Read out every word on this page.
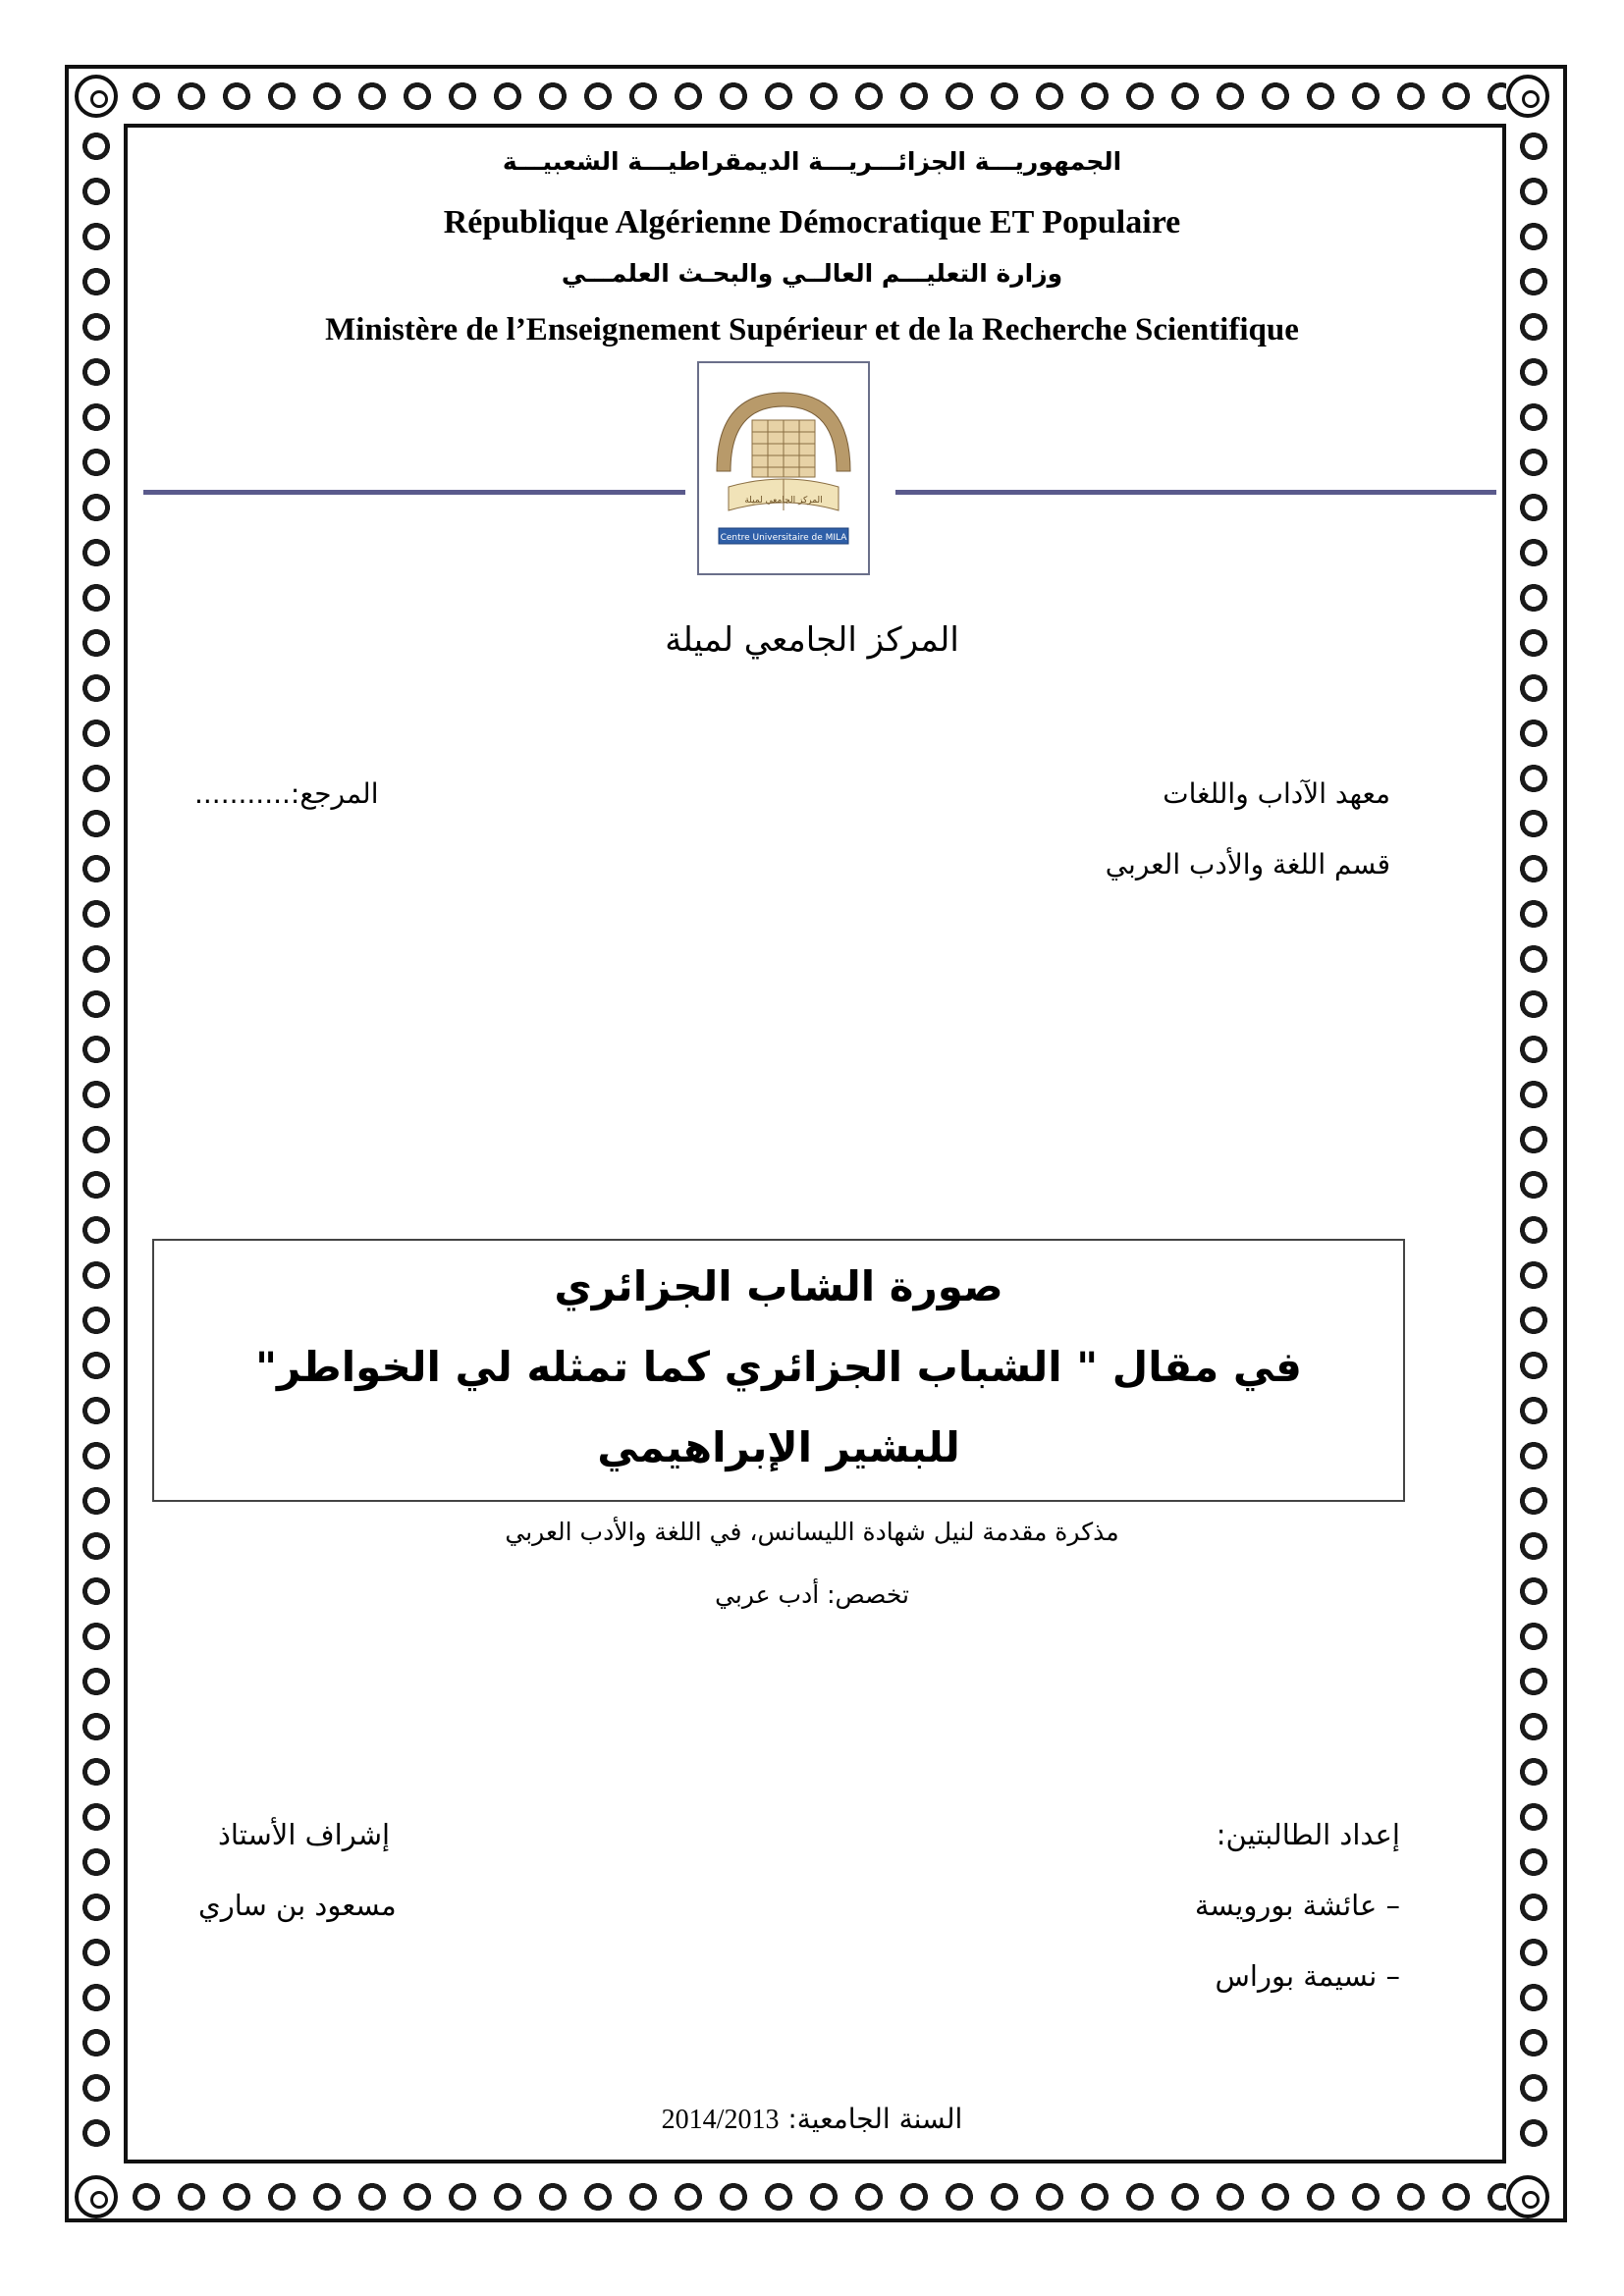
الجمهوريـــة الجزائـــريـــة الديمقراطيـــة الشعبيـــة

République Algérienne Démocratique ET Populaire

وزارة التعليـــم العالــي والبحـث العلمـــي

Ministère de l’Enseignement Supérieur et de la Recherche Scientifique

المركز الجامعي لميلة
Centre Universitaire de MILA

المركز الجامعي لميلة

معهد الآداب واللغات

المرجع:...........

قسم اللغة والأدب العربي

صورة الشاب الجزائري

في مقال " الشباب الجزائري كما تمثله لي الخواطر"

للبشير الإبراهيمي

مذكرة مقدمة لنيل شهادة الليسانس، في اللغة والأدب العربي

تخصص: أدب عربي

إعداد الطالبتين:

– عائشة بورويسة

– نسيمة بوراس

إشراف الأستاذ

مسعود بن ساري

السنة الجامعية: 2014/2013
